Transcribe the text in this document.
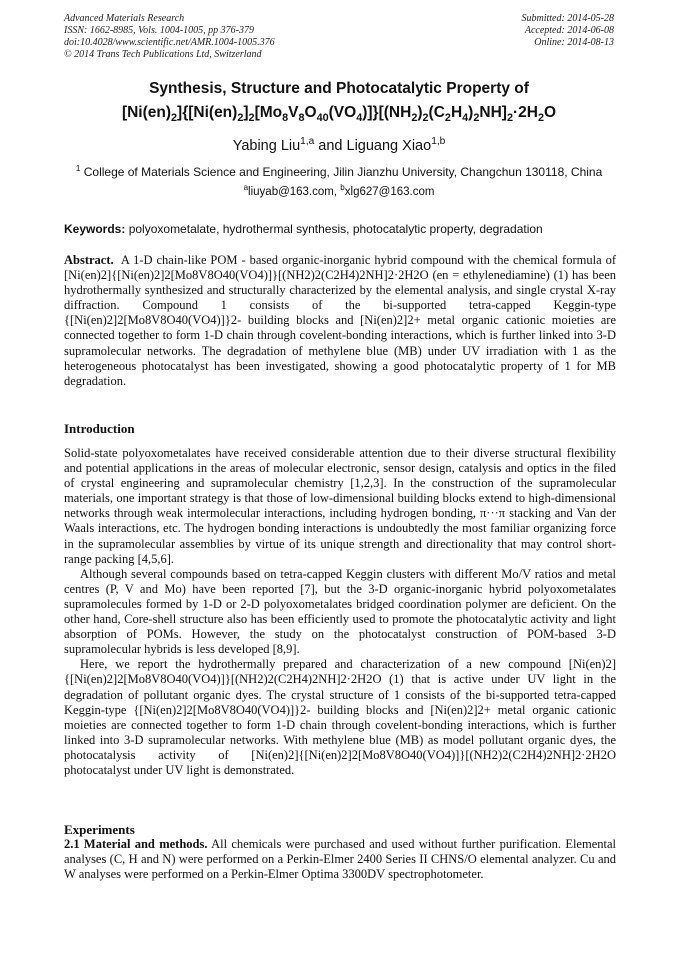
Advanced Materials Research
ISSN: 1662-8985, Vols. 1004-1005, pp 376-379
doi:10.4028/www.scientific.net/AMR.1004-1005.376
© 2014 Trans Tech Publications Ltd, Switzerland
Submitted: 2014-05-28
Accepted: 2014-06-08
Online: 2014-08-13
Synthesis, Structure and Photocatalytic Property of
$[Ni(en)_2]\{[Ni(en)_2]_2[Mo_8V_8O_{40}(VO_4)]\}[(NH_2)_2(C_2H_4)_2NH]_2\cdot 2H_2O$
Yabing Liu$^{1,a}$ and Liguang Xiao$^{1,b}$
$^1$ College of Materials Science and Engineering, Jilin Jianzhu University, Changchun 130118, China
$^a$liuyab@163.com, $^b$xlg627@163.com
Keywords: polyoxometalate, hydrothermal synthesis, photocatalytic property, degradation
Abstract. A 1-D chain-like POM - based organic-inorganic hybrid compound with the chemical formula of [Ni(en)2]{[Ni(en)2]2[Mo8V8O40(VO4)]}[(NH2)2(C2H4)2NH]2·2H2O (en = ethylenediamine) (1) has been hydrothermally synthesized and structurally characterized by the elemental analysis, and single crystal X-ray diffraction. Compound 1 consists of the bi-supported tetra-capped Keggin-type {[Ni(en)2]2[Mo8V8O40(VO4)]}2- building blocks and [Ni(en)2]2+ metal organic cationic moieties are connected together to form 1-D chain through covelent-bonding interactions, which is further linked into 3-D supramolecular networks. The degradation of methylene blue (MB) under UV irradiation with 1 as the heterogeneous photocatalyst has been investigated, showing a good photocatalytic property of 1 for MB degradation.
Introduction

Solid-state polyoxometalates have received considerable attention due to their diverse structural flexibility and potential applications in the areas of molecular electronic, sensor design, catalysis and optics in the filed of crystal engineering and supramolecular chemistry [1,2,3]. In the construction of the supramolecular materials, one important strategy is that those of low-dimensional building blocks extend to high-dimensional networks through weak intermolecular interactions, including hydrogen bonding, π···π stacking and Van der Waals interactions, etc. The hydrogen bonding interactions is undoubtedly the most familiar organizing force in the supramolecular assemblies by virtue of its unique strength and directionality that may control short-range packing [4,5,6].

Although several compounds based on tetra-capped Keggin clusters with different Mo/V ratios and metal centres (P, V and Mo) have been reported [7], but the 3-D organic-inorganic hybrid polyoxometalates supramolecules formed by 1-D or 2-D polyoxometalates bridged coordination polymer are deficient. On the other hand, Core-shell structure also has been efficiently used to promote the photocatalytic activity and light absorption of POMs. However, the study on the photocatalyst construction of POM-based 3-D supramolecular hybrids is less developed [8,9].

Here, we report the hydrothermally prepared and characterization of a new compound [Ni(en)2]{[Ni(en)2]2[Mo8V8O40(VO4)]}[(NH2)2(C2H4)2NH]2·2H2O (1) that is active under UV light in the degradation of pollutant organic dyes. The crystal structure of 1 consists of the bi-supported tetra-capped Keggin-type {[Ni(en)2]2[Mo8V8O40(VO4)]}2- building blocks and [Ni(en)2]2+ metal organic cationic moieties are connected together to form 1-D chain through covelent-bonding interactions, which is further linked into 3-D supramolecular networks. With methylene blue (MB) as model pollutant organic dyes, the photocatalysis activity of [Ni(en)2]{[Ni(en)2]2[Mo8V8O40(VO4)]}[(NH2)2(C2H4)2NH]2·2H2O photocatalyst under UV light is demonstrated.

Experiments
2.1 Material and methods. All chemicals were purchased and used without further purification. Elemental analyses (C, H and N) were performed on a Perkin-Elmer 2400 Series II CHNS/O elemental analyzer. Cu and W analyses were performed on a Perkin-Elmer Optima 3300DV spectrophotometer.
